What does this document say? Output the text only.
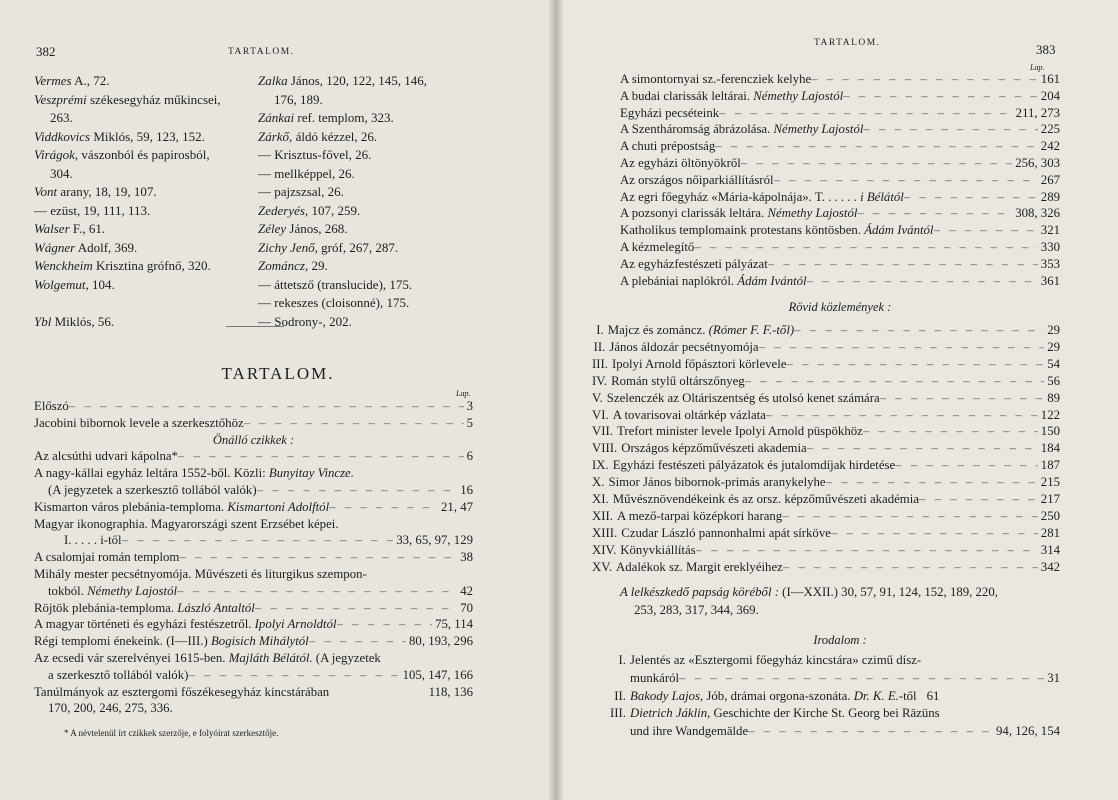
382	TARTALOM.
Vermes A., 72.
Veszprémi székesegyház műkincsei,
263.
Viddkovics Miklós, 59, 123, 152.
Virágok, vászonból és papirosból,
304.
Vont arany, 18, 19, 107.
— ezüst, 19, 111, 113.
Walser F., 61.
Wágner Adolf, 369.
Wenckheim Krisztina grófnő, 320.
Wolgemut, 104.

Ybl Miklós, 56.
Zalka János, 120, 122, 145, 146,
176, 189.
Zánkai ref. templom, 323.
Zárkő, áldó kézzel, 26.
— Krisztus-fővel, 26.
— mellképpel, 26.
— pajzszsal, 26.
Zederyés, 107, 259.
Zéley János, 268.
Zichy Jenő, gróf, 267, 287.
Zománcz, 29.
— áttetsző (translucide), 175.
— rekeszes (cloisonné), 175.
— Sodrony-, 202.
TARTALOM.
Lap.
Előszó – – –	3
Jacobini bibornok levele a szerkesztőhöz – – –	5
Önálló czikkek :
Az alcsúthi udvari kápolna* – – –	6
A nagy-kállai egyház leltára 1552-ből. Közli: Bunyitay Vincze.
(A jegyzetek a szerkesztő tollából valók) – – –	16
Kismarton város plebánia-temploma. Kismartoni Adolftól – – –	21, 47
Magyar ikonographia. Magyarországi szent Erzsébet képei.
I. . . . . i-től – – –	33, 65, 97, 129
A csalomjai román templom – – –	38
Mihály mester pecsétnyomója. Művészeti és liturgikus szempon-
tokból. Némethy Lajostól – – –	42
Röjtök plebánia-temploma. László Antaltól – – –	70
A magyar történeti és egyházi festészetről. Ipolyi Arnoldtól – – –	75, 114
Régi templomi énekeink. (I—III.) Bogisich Mihálytól – – –	80, 193, 296
Az ecsedi vár szerelvényei 1615-ben. Majláth Bélától. (A jegyzetek
a szerkesztő tollából valók) – – –	105, 147, 166
Tanúlmányok az esztergomi főszékesegyház kincstárában	118, 136
170, 200, 246, 275, 336.
* A névtelenül írt czikkek szerzője, e folyóirat szerkesztője.
TARTALOM.	383
Lap.
A simontornyai sz.-ferencziek kelyhe – – –	161
A budai clarissák leltárai. Némethy Lajostól – – –	204
Egyházi pecséteink – – –	211, 273
A Szentháromság ábrázolása. Némethy Lajostól – – –	225
A chuti prépostság – – –	242
Az egyházi öltönyökről – – –	256, 303
Az országos nőiparkiállításról – – –	267
Az egri főegyház «Mária-kápolnája». T. . . . . . i Bélától – – –	289
A pozsonyi clarissák leltára. Némethy Lajostól – – –	308, 326
Katholikus templomaink protestans köntösben. Ádám Ivántól – – –	321
A kézmelegítő – – –	330
Az egyházfestészeti pályázat – – –	353
A plebániai naplókról. Ádám Ivántól – – –	361
Rövid közlemények :
I. Majcz és zománcz. (Rómer F. F.-től) – – –	29
II. János áldozár pecsétnyomója – – –	29
III. Ipolyi Arnold főpásztori körlevele – – –	54
IV. Román stylű oltárszőnyeg – – –	56
V. Szelenczék az Oltáriszentség és utolsó kenet számára – – –	89
VI. A tovarisovai oltárkép vázlata – – –	122
VII. Trefort minister levele Ipolyi Arnold püspökhöz – – –	150
VIII. Országos képzőművészeti akademia – – –	184
IX. Egyházi festészeti pályázatok és jutalomdíjak hirdetése – – –	187
X. Simor János bibornok-primás aranykelyhe – – –	215
XI. Művésznövendékeink és az orsz. képzőművészeti akadémia – – –	217
XII. A mező-tarpai középkori harang – – –	250
XIII. Czudar László pannonhalmi apát sírköve – – –	281
XIV. Könyvkiállítás – – –	314
XV. Adalékok sz. Margit ereklyéihez – – –	342
A lelkészkedő papság köréből : (I—XXII.) 30, 57, 91, 124, 152, 189, 220,
253, 283, 317, 344, 369.
Irodalom :
I. Jelentés az «Esztergomi főegyház kincstára» czimű dísz-
munkáról – – –	31
II. Bakody Lajos, Jób, drámai orgona-szonáta. Dr. K. E.-től 61
III. Dietrich Jáklin, Geschichte der Kirche St. Georg bei Räzüns
und ihre Wandgemälde – – –	94, 126, 154
